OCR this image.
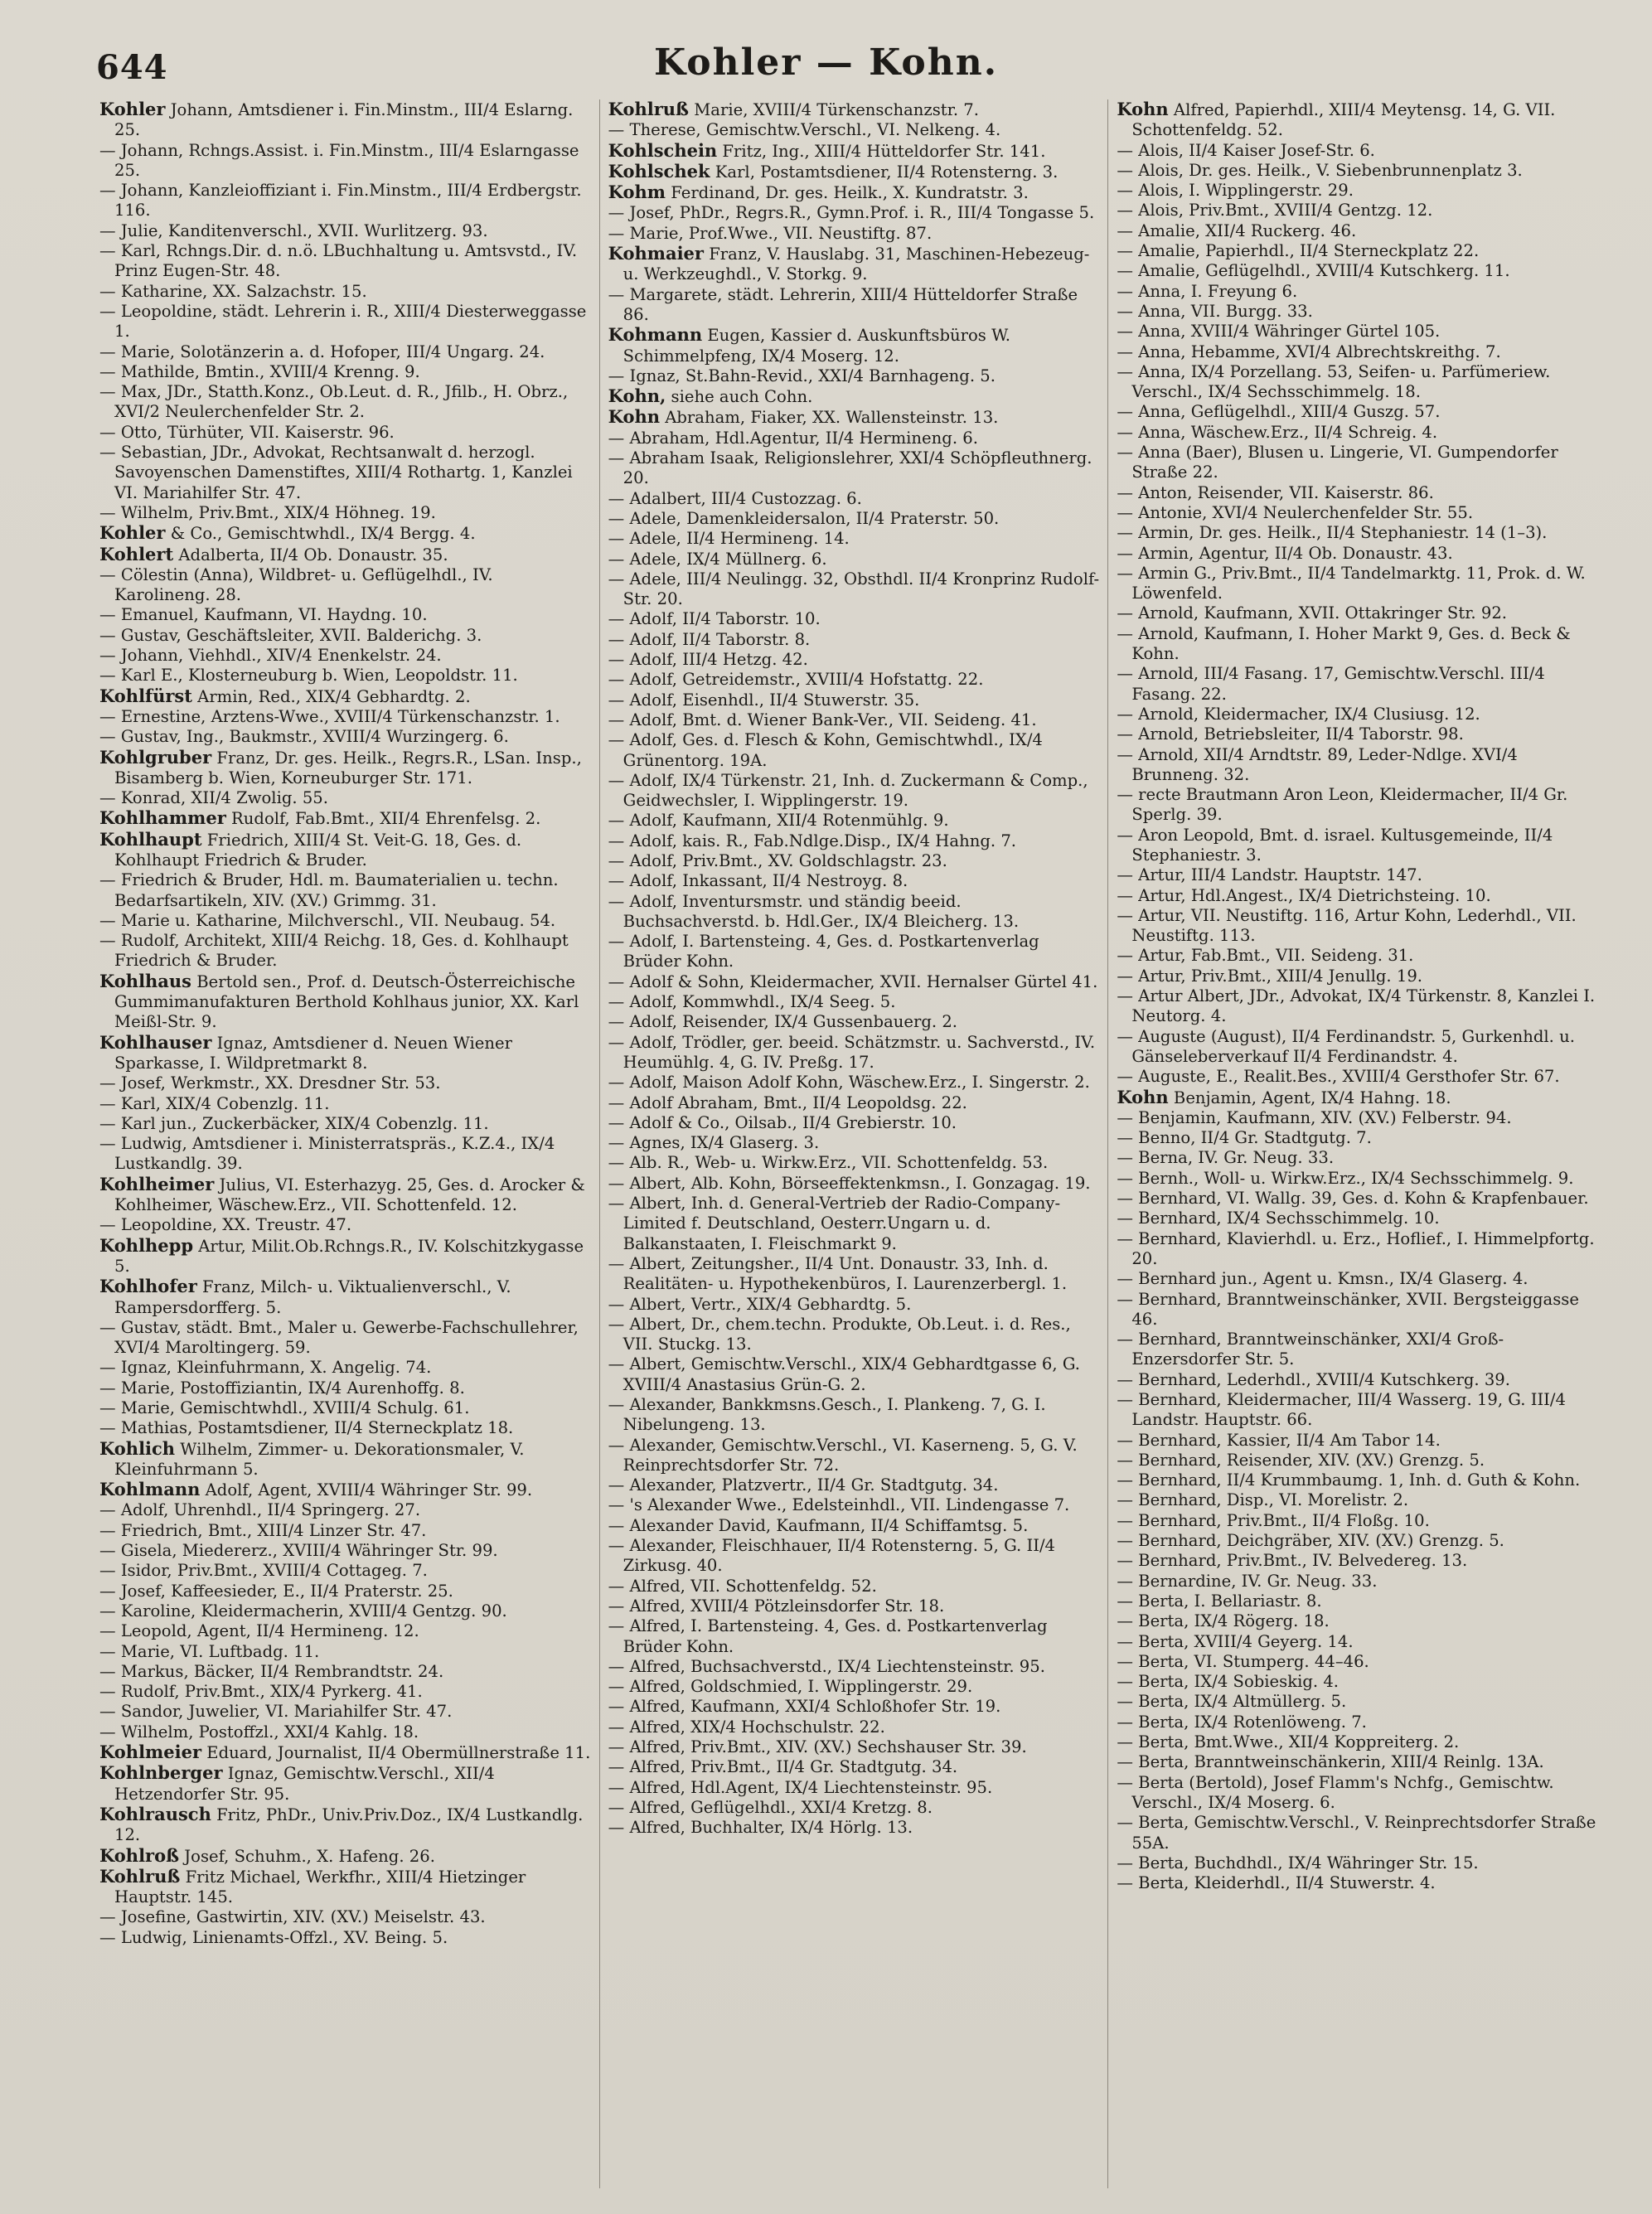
644	Kohler — Kohn.

Kohler Johann, Amtsdiener i. Fin.Minstm., III/4 Eslarng. 25.

— Johann, Rchngs.Assist. i. Fin.Minstm., III/4 Eslarngasse 25.

— Johann, Kanzleioffiziant i. Fin.Minstm., III/4 Erdbergstr. 116.

— Julie, Kanditenverschl., XVII. Wurlitzerg. 93.

— Karl, Rchngs.Dir. d. n.ö. LBuchhaltung u. Amtsvstd., IV. Prinz Eugen-Str. 48.

— Katharine, XX. Salzachstr. 15.

— Leopoldine, städt. Lehrerin i. R., XIII/4 Diesterweggasse 1.

— Marie, Solotänzerin a. d. Hofoper, III/4 Ungarg. 24.

— Mathilde, Bmtin., XVIII/4 Krenng. 9.

— Max, JDr., Statth.Konz., Ob.Leut. d. R., Jfilb., H. Obrz., XVI/2 Neulerchenfelder Str. 2.

— Otto, Türhüter, VII. Kaiserstr. 96.

— Sebastian, JDr., Advokat, Rechtsanwalt d. herzogl. Savoyenschen Damenstiftes, XIII/4 Rothartg. 1, Kanzlei VI. Mariahilfer Str. 47.

— Wilhelm, Priv.Bmt., XIX/4 Höhneg. 19.

Kohler & Co., Gemischtwhdl., IX/4 Bergg. 4.

Kohlert Adalberta, II/4 Ob. Donaustr. 35.

— Cölestin (Anna), Wildbret- u. Geflügelhdl., IV. Karolineng. 28.

— Emanuel, Kaufmann, VI. Haydng. 10.

— Gustav, Geschäftsleiter, XVII. Balderichg. 3.

— Johann, Viehhdl., XIV/4 Enenkelstr. 24.

— Karl E., Klosterneuburg b. Wien, Leopoldstr. 11.

Kohlfürst Armin, Red., XIX/4 Gebhardtg. 2.

— Ernestine, Arztens-Wwe., XVIII/4 Türkenschanzstr. 1.

— Gustav, Ing., Baukmstr., XVIII/4 Wurzingerg. 6.

Kohlgruber Franz, Dr. ges. Heilk., Regrs.R., LSan. Insp., Bisamberg b. Wien, Korneuburger Str. 171.

— Konrad, XII/4 Zwolig. 55.

Kohlhammer Rudolf, Fab.Bmt., XII/4 Ehrenfelsg. 2.

Kohlhaupt Friedrich, XIII/4 St. Veit-G. 18, Ges. d. Kohlhaupt Friedrich & Bruder.

— Friedrich & Bruder, Hdl. m. Baumaterialien u. techn. Bedarfsartikeln, XIV. (XV.) Grimmg. 31.

— Marie u. Katharine, Milchverschl., VII. Neubaug. 54.

— Rudolf, Architekt, XIII/4 Reichg. 18, Ges. d. Kohlhaupt Friedrich & Bruder.

Kohlhaus Bertold sen., Prof. d. Deutsch-Österreichische Gummimanufakturen Berthold Kohlhaus junior, XX. Karl Meißl-Str. 9.

Kohlhauser Ignaz, Amtsdiener d. Neuen Wiener Sparkasse, I. Wildpretmarkt 8.

— Josef, Werkmstr., XX. Dresdner Str. 53.

— Karl, XIX/4 Cobenzlg. 11.

— Karl jun., Zuckerbäcker, XIX/4 Cobenzlg. 11.

— Ludwig, Amtsdiener i. Ministerratspräs., K.Z.4., IX/4 Lustkandlg. 39.

Kohlheimer Julius, VI. Esterhazyg. 25, Ges. d. Arocker & Kohlheimer, Wäschew.Erz., VII. Schottenfeld. 12.

— Leopoldine, XX. Treustr. 47.

Kohlhepp Artur, Milit.Ob.Rchngs.R., IV. Kolschitzkygasse 5.

Kohlhofer Franz, Milch- u. Viktualienverschl., V. Rampersdorfferg. 5.

— Gustav, städt. Bmt., Maler u. Gewerbe-Fachschullehrer, XVI/4 Maroltingerg. 59.

— Ignaz, Kleinfuhrmann, X. Angelig. 74.

— Marie, Postoffiziantin, IX/4 Aurenhoffg. 8.

— Marie, Gemischtwhdl., XVIII/4 Schulg. 61.

— Mathias, Postamtsdiener, II/4 Sterneckplatz 18.

Kohlich Wilhelm, Zimmer- u. Dekorationsmaler, V. Kleinfuhrmann 5.

Kohlmann Adolf, Agent, XVIII/4 Währinger Str. 99.

— Adolf, Uhrenhdl., II/4 Springerg. 27.

— Friedrich, Bmt., XIII/4 Linzer Str. 47.

— Gisela, Miedererz., XVIII/4 Währinger Str. 99.

— Isidor, Priv.Bmt., XVIII/4 Cottageg. 7.

— Josef, Kaffeesieder, E., II/4 Praterstr. 25.

— Karoline, Kleidermacherin, XVIII/4 Gentzg. 90.

— Leopold, Agent, II/4 Hermineng. 12.

— Marie, VI. Luftbadg. 11.

— Markus, Bäcker, II/4 Rembrandtstr. 24.

— Rudolf, Priv.Bmt., XIX/4 Pyrkerg. 41.

— Sandor, Juwelier, VI. Mariahilfer Str. 47.

— Wilhelm, Postoffzl., XXI/4 Kahlg. 18.

Kohlmeier Eduard, Journalist, II/4 Obermüllnerstraße 11.

Kohlnberger Ignaz, Gemischtw.Verschl., XII/4 Hetzendorfer Str. 95.

Kohlrausch Fritz, PhDr., Univ.Priv.Doz., IX/4 Lustkandlg. 12.

Kohlroß Josef, Schuhm., X. Hafeng. 26.

Kohlruß Fritz Michael, Werkfhr., XIII/4 Hietzinger Hauptstr. 145.

— Josefine, Gastwirtin, XIV. (XV.) Meiselstr. 43.

— Ludwig, Linienamts-Offzl., XV. Being. 5.

Kohlruß Marie, XVIII/4 Türkenschanzstr. 7.

— Therese, Gemischtw.Verschl., VI. Nelkeng. 4.

Kohlschein Fritz, Ing., XIII/4 Hütteldorfer Str. 141.

Kohlschek Karl, Postamtsdiener, II/4 Rotensterng. 3.

Kohm Ferdinand, Dr. ges. Heilk., X. Kundratstr. 3.

— Josef, PhDr., Regrs.R., Gymn.Prof. i. R., III/4 Tongasse 5.

— Marie, Prof.Wwe., VII. Neustiftg. 87.

Kohmaier Franz, V. Hauslabg. 31, Maschinen-Hebezeug- u. Werkzeughdl., V. Storkg. 9.

— Margarete, städt. Lehrerin, XIII/4 Hütteldorfer Straße 86.

Kohmann Eugen, Kassier d. Auskunftsbüros W. Schimmelpfeng, IX/4 Moserg. 12.

— Ignaz, St.Bahn-Revid., XXI/4 Barnhageng. 5.

Kohn, siehe auch Cohn.

Kohn Abraham, Fiaker, XX. Wallensteinstr. 13.

— Abraham, Hdl.Agentur, II/4 Hermineng. 6.

— Abraham Isaak, Religionslehrer, XXI/4 Schöpfleuthnerg. 20.

— Adalbert, III/4 Custozzag. 6.

— Adele, Damenkleidersalon, II/4 Praterstr. 50.

— Adele, II/4 Hermineng. 14.

— Adele, IX/4 Müllnerg. 6.

— Adele, III/4 Neulingg. 32, Obsthdl. II/4 Kronprinz Rudolf-Str. 20.

— Adolf, II/4 Taborstr. 10.

— Adolf, II/4 Taborstr. 8.

— Adolf, III/4 Hetzg. 42.

— Adolf, Getreidemstr., XVIII/4 Hofstattg. 22.

— Adolf, Eisenhdl., II/4 Stuwerstr. 35.

— Adolf, Bmt. d. Wiener Bank-Ver., VII. Seideng. 41.

— Adolf, Ges. d. Flesch & Kohn, Gemischtwhdl., IX/4 Grünentorg. 19A.

— Adolf, IX/4 Türkenstr. 21, Inh. d. Zuckermann & Comp., Geidwechsler, I. Wipplingerstr. 19.

— Adolf, Kaufmann, XII/4 Rotenmühlg. 9.

— Adolf, kais. R., Fab.Ndlge.Disp., IX/4 Hahng. 7.

— Adolf, Priv.Bmt., XV. Goldschlagstr. 23.

— Adolf, Inkassant, II/4 Nestroyg. 8.

— Adolf, Inventursmstr. und ständig beeid. Buchsachverstd. b. Hdl.Ger., IX/4 Bleicherg. 13.

— Adolf, I. Bartensteing. 4, Ges. d. Postkartenverlag Brüder Kohn.

— Adolf & Sohn, Kleidermacher, XVII. Hernalser Gürtel 41.

— Adolf, Kommwhdl., IX/4 Seeg. 5.

— Adolf, Reisender, IX/4 Gussenbauerg. 2.

— Adolf, Trödler, ger. beeid. Schätzmstr. u. Sachverstd., IV. Heumühlg. 4, G. IV. Preßg. 17.

— Adolf, Maison Adolf Kohn, Wäschew.Erz., I. Singerstr. 2.

— Adolf Abraham, Bmt., II/4 Leopoldsg. 22.

— Adolf & Co., Oilsab., II/4 Grebierstr. 10.

— Agnes, IX/4 Glaserg. 3.

— Alb. R., Web- u. Wirkw.Erz., VII. Schottenfeldg. 53.

— Albert, Alb. Kohn, Börseeffektenkmsn., I. Gonzagag. 19.

— Albert, Inh. d. General-Vertrieb der Radio-Company-Limited f. Deutschland, Oesterr.Ungarn u. d. Balkanstaaten, I. Fleischmarkt 9.

— Albert, Zeitungsher., II/4 Unt. Donaustr. 33, Inh. d. Realitäten- u. Hypothekenbüros, I. Laurenzerbergl. 1.

— Albert, Vertr., XIX/4 Gebhardtg. 5.

— Albert, Dr., chem.techn. Produkte, Ob.Leut. i. d. Res., VII. Stuckg. 13.

— Albert, Gemischtw.Verschl., XIX/4 Gebhardtgasse 6, G. XVIII/4 Anastasius Grün-G. 2.

— Alexander, Bankkmsns.Gesch., I. Plankeng. 7, G. I. Nibelungeng. 13.

— Alexander, Gemischtw.Verschl., VI. Kaserneng. 5, G. V. Reinprechtsdorfer Str. 72.

— Alexander, Platzvertr., II/4 Gr. Stadtgutg. 34.

— 's Alexander Wwe., Edelsteinhdl., VII. Lindengasse 7.

— Alexander David, Kaufmann, II/4 Schiffamtsg. 5.

— Alexander, Fleischhauer, II/4 Rotensterng. 5, G. II/4 Zirkusg. 40.

— Alfred, VII. Schottenfeldg. 52.

— Alfred, XVIII/4 Pötzleinsdorfer Str. 18.

— Alfred, I. Bartensteing. 4, Ges. d. Postkartenverlag Brüder Kohn.

— Alfred, Buchsachverstd., IX/4 Liechtensteinstr. 95.

— Alfred, Goldschmied, I. Wipplingerstr. 29.

— Alfred, Kaufmann, XXI/4 Schloßhofer Str. 19.

— Alfred, XIX/4 Hochschulstr. 22.

— Alfred, Priv.Bmt., XIV. (XV.) Sechshauser Str. 39.

— Alfred, Priv.Bmt., II/4 Gr. Stadtgutg. 34.

— Alfred, Hdl.Agent, IX/4 Liechtensteinstr. 95.

— Alfred, Geflügelhdl., XXI/4 Kretzg. 8.

— Alfred, Buchhalter, IX/4 Hörlg. 13.

Kohn Alfred, Papierhdl., XIII/4 Meytensg. 14, G. VII. Schottenfeldg. 52.

— Alois, II/4 Kaiser Josef-Str. 6.

— Alois, Dr. ges. Heilk., V. Siebenbrunnenplatz 3.

— Alois, I. Wipplingerstr. 29.

— Alois, Priv.Bmt., XVIII/4 Gentzg. 12.

— Amalie, XII/4 Ruckerg. 46.

— Amalie, Papierhdl., II/4 Sterneckplatz 22.

— Amalie, Geflügelhdl., XVIII/4 Kutschkerg. 11.

— Anna, I. Freyung 6.

— Anna, VII. Burgg. 33.

— Anna, XVIII/4 Währinger Gürtel 105.

— Anna, Hebamme, XVI/4 Albrechtskreithg. 7.

— Anna, IX/4 Porzellang. 53, Seifen- u. Parfümeriew. Verschl., IX/4 Sechsschimmelg. 18.

— Anna, Geflügelhdl., XIII/4 Guszg. 57.

— Anna, Wäschew.Erz., II/4 Schreig. 4.

— Anna (Baer), Blusen u. Lingerie, VI. Gumpendorfer Straße 22.

— Anton, Reisender, VII. Kaiserstr. 86.

— Antonie, XVI/4 Neulerchenfelder Str. 55.

— Armin, Dr. ges. Heilk., II/4 Stephaniestr. 14 (1–3).

— Armin, Agentur, II/4 Ob. Donaustr. 43.

— Armin G., Priv.Bmt., II/4 Tandelmarktg. 11, Prok. d. W. Löwenfeld.

— Arnold, Kaufmann, XVII. Ottakringer Str. 92.

— Arnold, Kaufmann, I. Hoher Markt 9, Ges. d. Beck & Kohn.

— Arnold, III/4 Fasang. 17, Gemischtw.Verschl. III/4 Fasang. 22.

— Arnold, Kleidermacher, IX/4 Clusiusg. 12.

— Arnold, Betriebsleiter, II/4 Taborstr. 98.

— Arnold, XII/4 Arndtstr. 89, Leder-Ndlge. XVI/4 Brunneng. 32.

— recte Brautmann Aron Leon, Kleidermacher, II/4 Gr. Sperlg. 39.

— Aron Leopold, Bmt. d. israel. Kultusgemeinde, II/4 Stephaniestr. 3.

— Artur, III/4 Landstr. Hauptstr. 147.

— Artur, Hdl.Angest., IX/4 Dietrichsteing. 10.

— Artur, VII. Neustiftg. 116, Artur Kohn, Lederhdl., VII. Neustiftg. 113.

— Artur, Fab.Bmt., VII. Seideng. 31.

— Artur, Priv.Bmt., XIII/4 Jenullg. 19.

— Artur Albert, JDr., Advokat, IX/4 Türkenstr. 8, Kanzlei I. Neutorg. 4.

— Auguste (August), II/4 Ferdinandstr. 5, Gurkenhdl. u. Gänseleberverkauf II/4 Ferdinandstr. 4.

— Auguste, E., Realit.Bes., XVIII/4 Gersthofer Str. 67.

Kohn Benjamin, Agent, IX/4 Hahng. 18.

— Benjamin, Kaufmann, XIV. (XV.) Felberstr. 94.

— Benno, II/4 Gr. Stadtgutg. 7.

— Berna, IV. Gr. Neug. 33.

— Bernh., Woll- u. Wirkw.Erz., IX/4 Sechsschimmelg. 9.

— Bernhard, VI. Wallg. 39, Ges. d. Kohn & Krapfenbauer.

— Bernhard, IX/4 Sechsschimmelg. 10.

— Bernhard, Klavierhdl. u. Erz., Hoflief., I. Himmelpfortg. 20.

— Bernhard jun., Agent u. Kmsn., IX/4 Glaserg. 4.

— Bernhard, Branntweinschänker, XVII. Bergsteiggasse 46.

— Bernhard, Branntweinschänker, XXI/4 Groß-Enzersdorfer Str. 5.

— Bernhard, Lederhdl., XVIII/4 Kutschkerg. 39.

— Bernhard, Kleidermacher, III/4 Wasserg. 19, G. III/4 Landstr. Hauptstr. 66.

— Bernhard, Kassier, II/4 Am Tabor 14.

— Bernhard, Reisender, XIV. (XV.) Grenzg. 5.

— Bernhard, II/4 Krummbaumg. 1, Inh. d. Guth & Kohn.

— Bernhard, Disp., VI. Morelistr. 2.

— Bernhard, Priv.Bmt., II/4 Floßg. 10.

— Bernhard, Deichgräber, XIV. (XV.) Grenzg. 5.

— Bernhard, Priv.Bmt., IV. Belvedereg. 13.

— Bernardine, IV. Gr. Neug. 33.

— Berta, I. Bellariastr. 8.

— Berta, IX/4 Rögerg. 18.

— Berta, XVIII/4 Geyerg. 14.

— Berta, VI. Stumperg. 44–46.

— Berta, IX/4 Sobieskig. 4.

— Berta, IX/4 Altmüllerg. 5.

— Berta, IX/4 Rotenlöweng. 7.

— Berta, Bmt.Wwe., XII/4 Koppreiterg. 2.

— Berta, Branntweinschänkerin, XIII/4 Reinlg. 13A.

— Berta (Bertold), Josef Flamm's Nchfg., Gemischtw. Verschl., IX/4 Moserg. 6.

— Berta, Gemischtw.Verschl., V. Reinprechtsdorfer Straße 55A.

— Berta, Buchdhdl., IX/4 Währinger Str. 15.

— Berta, Kleiderhdl., II/4 Stuwerstr. 4.
